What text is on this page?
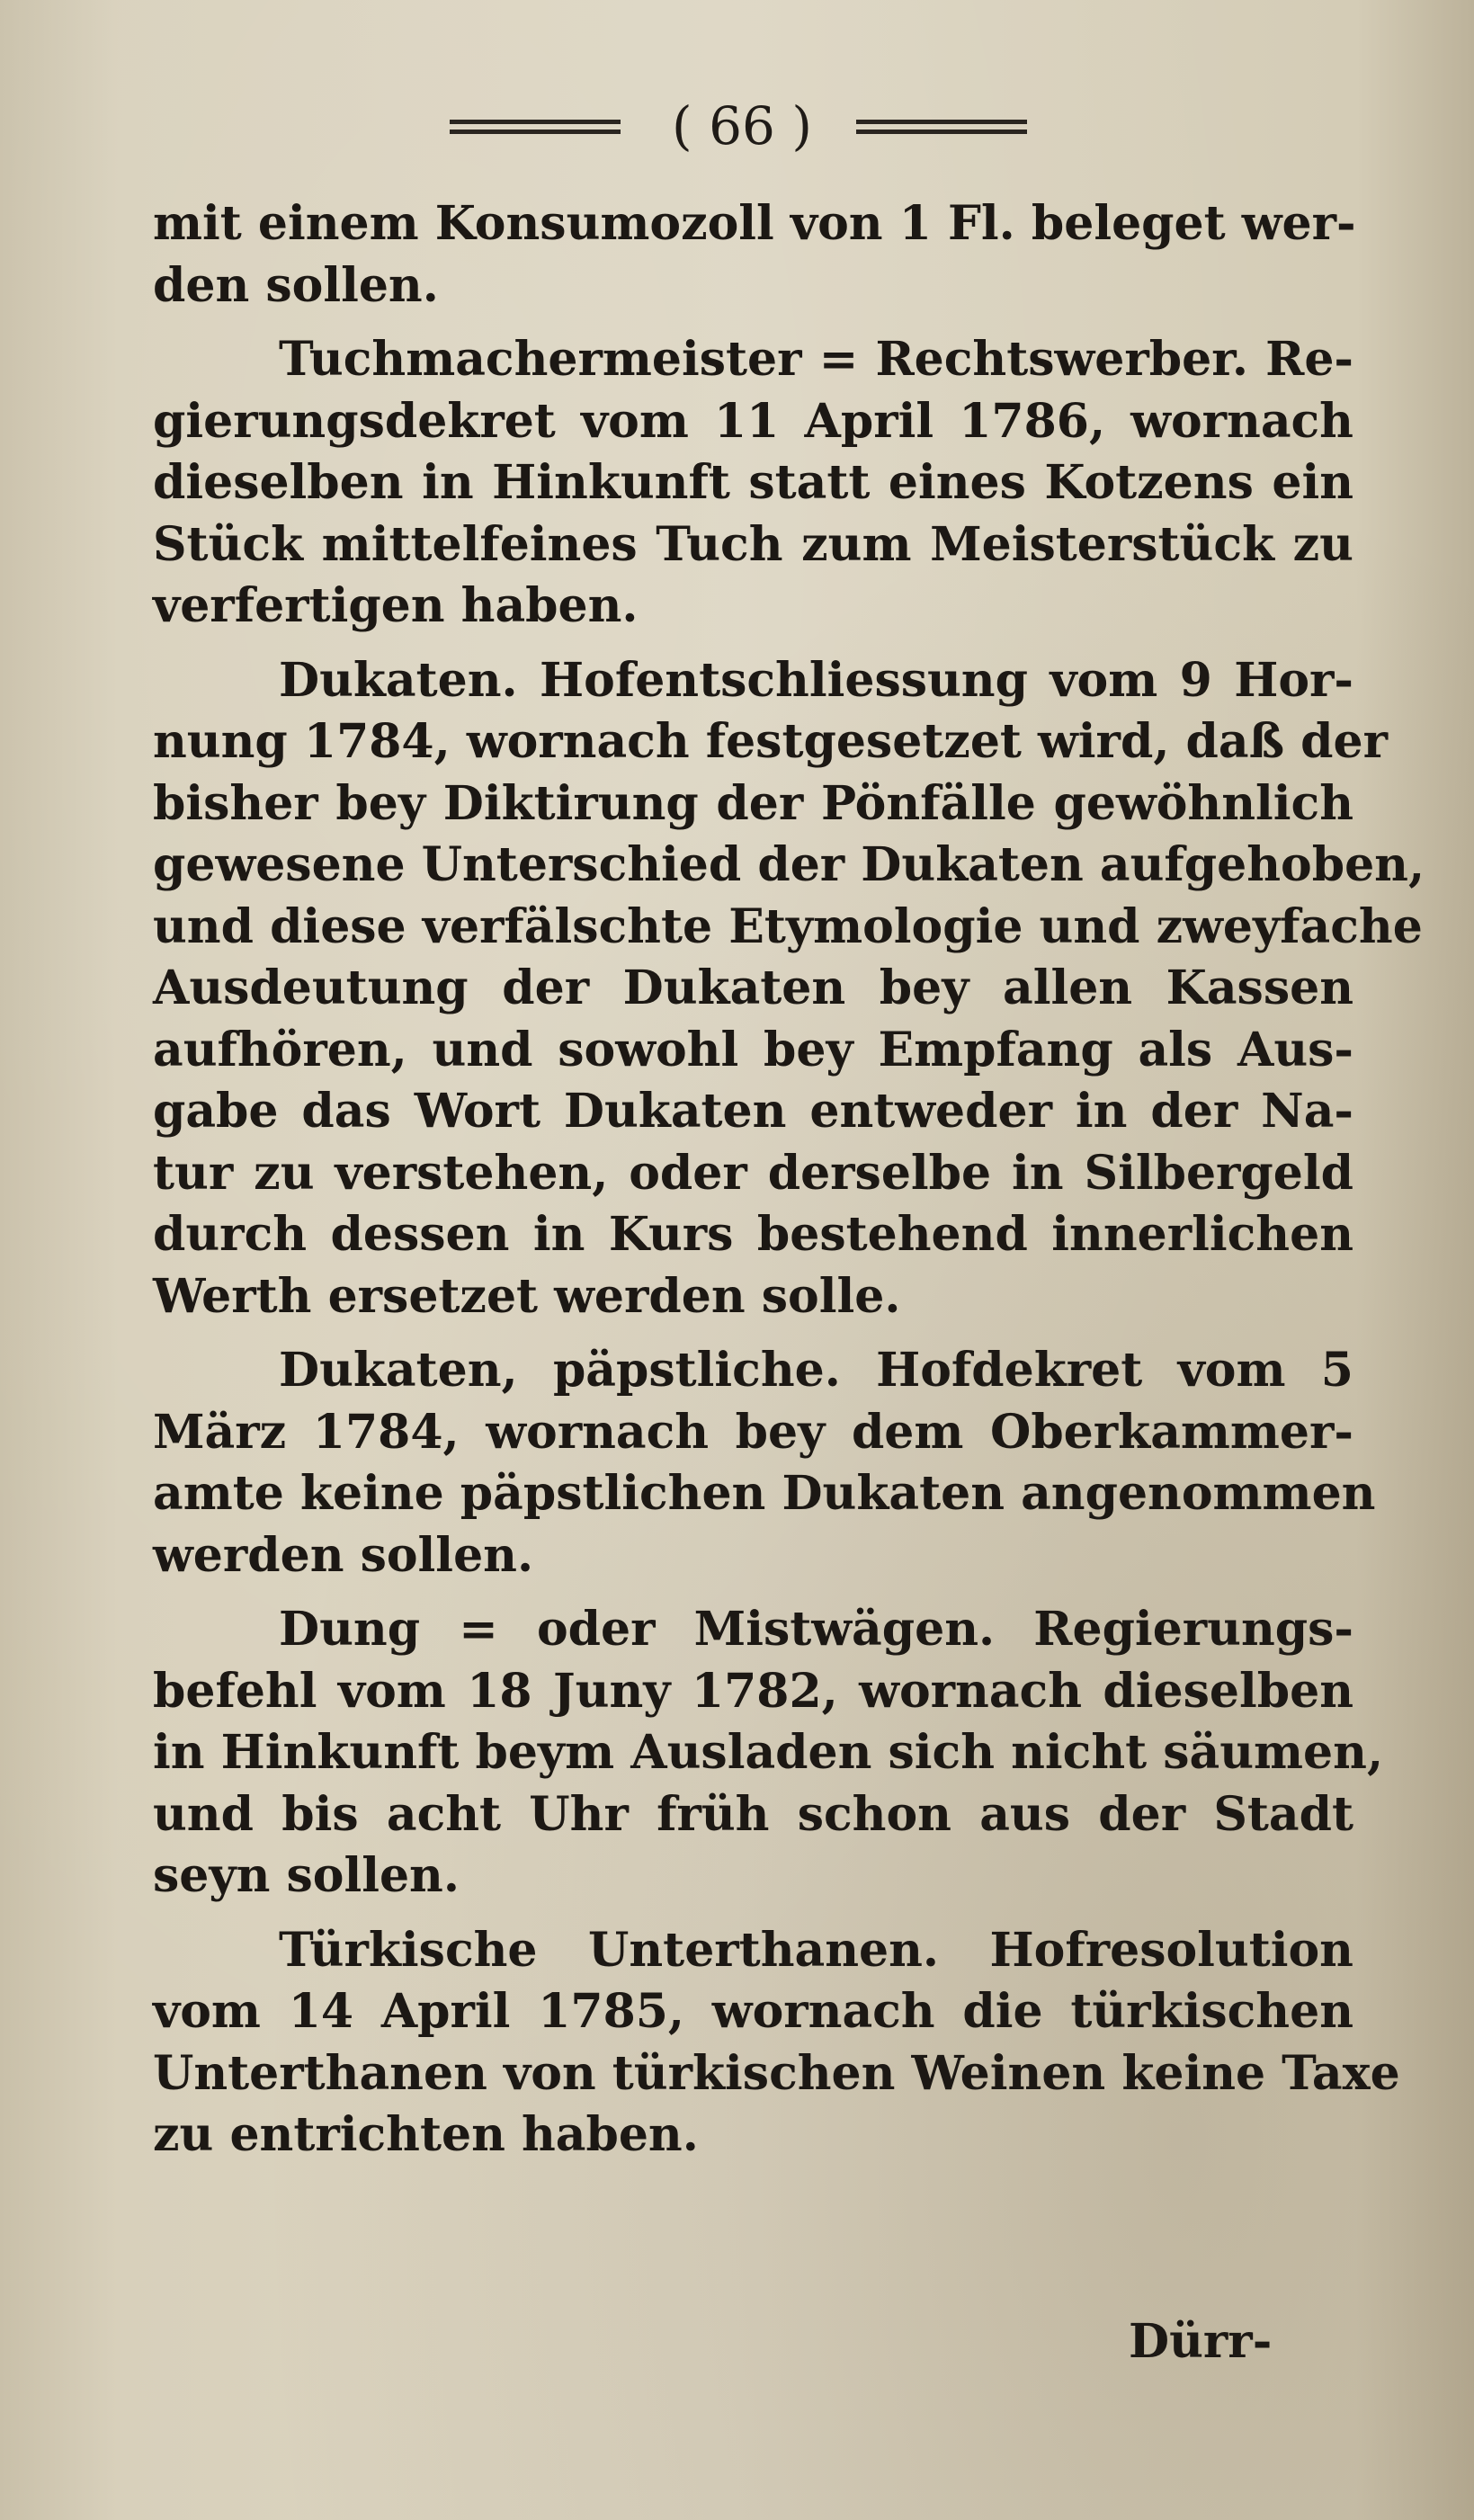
( 66 )
mit einem Konsumozoll von 1 Fl. beleget wer-
den sollen.
Tuchmachermeister = Rechtswerber. Re-
gierungsdekret vom 11 April 1786, wornach
dieselben in Hinkunft statt eines Kotzens ein
Stück mittelfeines Tuch zum Meisterstück zu
verfertigen haben.
Dukaten. Hofentschliessung vom 9 Hor-
nung 1784, wornach festgesetzet wird, daß der
bisher bey Diktirung der Pönfälle gewöhnlich
gewesene Unterschied der Dukaten aufgehoben,
und diese verfälschte Etymologie und zweyfache
Ausdeutung der Dukaten bey allen Kassen
aufhören, und sowohl bey Empfang als Aus-
gabe das Wort Dukaten entweder in der Na-
tur zu verstehen, oder derselbe in Silbergeld
durch dessen in Kurs bestehend innerlichen
Werth ersetzet werden solle.
Dukaten, päpstliche. Hofdekret vom 5
März 1784, wornach bey dem Oberkammer-
amte keine päpstlichen Dukaten angenommen
werden sollen.
Dung = oder Mistwägen. Regierungs-
befehl vom 18 Juny 1782, wornach dieselben
in Hinkunft beym Ausladen sich nicht säumen,
und bis acht Uhr früh schon aus der Stadt
seyn sollen.
Türkische Unterthanen. Hofresolution
vom 14 April 1785, wornach die türkischen
Unterthanen von türkischen Weinen keine Taxe
zu entrichten haben.
Dürr-
